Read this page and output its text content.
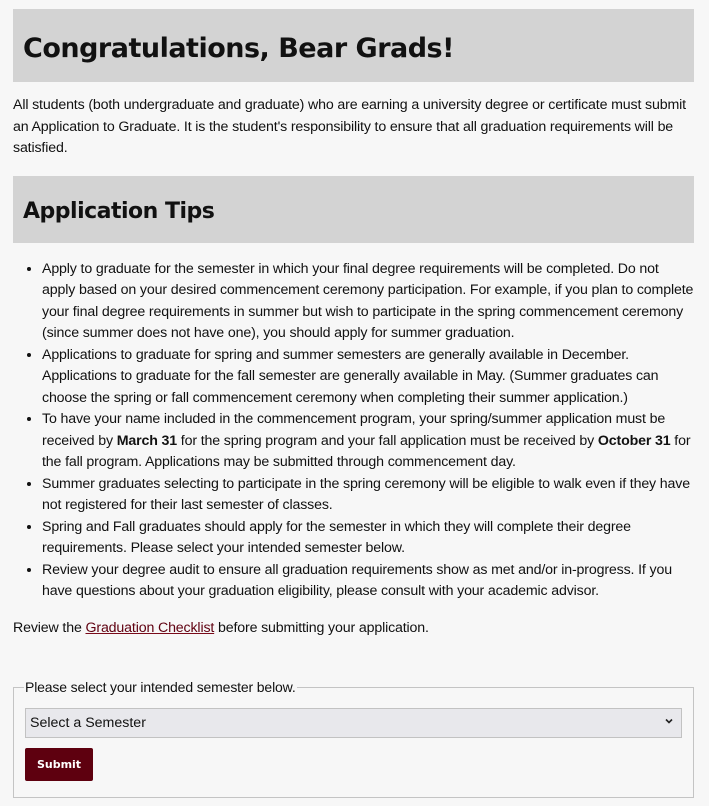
Congratulations, Bear Grads!

All students (both undergraduate and graduate) who are earning a university degree or certificate must submit an Application to Graduate. It is the student's responsibility to ensure that all graduation requirements will be satisfied.

Application Tips
• Apply to graduate for the semester in which your final degree requirements will be completed. Do not apply based on your desired commencement ceremony participation. For example, if you plan to complete your final degree requirements in summer but wish to participate in the spring commencement ceremony (since summer does not have one), you should apply for summer graduation.
• Applications to graduate for spring and summer semesters are generally available in December. Applications to graduate for the fall semester are generally available in May. (Summer graduates can choose the spring or fall commencement ceremony when completing their summer application.)
• To have your name included in the commencement program, your spring/summer application must be received by March 31 for the spring program and your fall application must be received by October 31 for the fall program. Applications may be submitted through commencement day.
• Summer graduates selecting to participate in the spring ceremony will be eligible to walk even if they have not registered for their last semester of classes.
• Spring and Fall graduates should apply for the semester in which they will complete their degree requirements. Please select your intended semester below.
• Review your degree audit to ensure all graduation requirements show as met and/or in-progress. If you have questions about your graduation eligibility, please consult with your academic advisor.

Review the Graduation Checklist before submitting your application.

Please select your intended semester below.
Select a Semester
Submit
